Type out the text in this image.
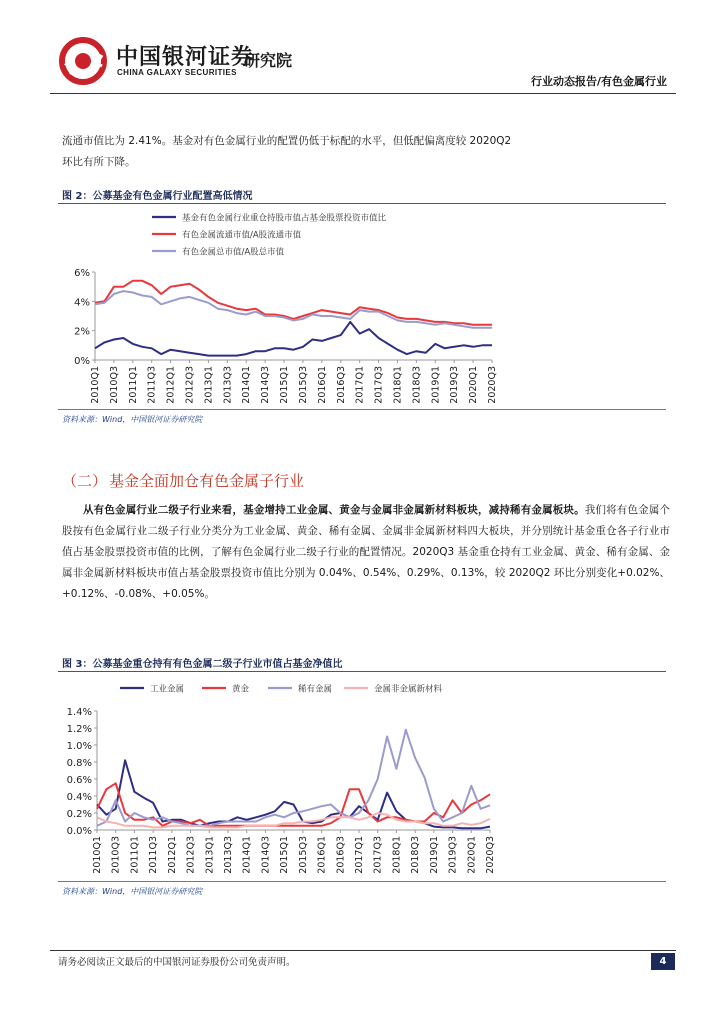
中国银河证券
研究院
CHINA GALAXY SECURITIES
行业动态报告/有色金属行业
流通市值比为 2.41%。基金对有色金属行业的配置仍低于标配的水平，但低配偏离度较 2020Q2
环比有所下降。
图 2：公募基金有色金属行业配置高低情况
基金有色金属行业重仓持股市值占基金股票投资市值比
有色金属流通市值/A股流通市值
有色金属总市值/A股总市值
0%
2%
4%
6%
2010Q1 2010Q3 2011Q1 2011Q3 2012Q1 2012Q3 2013Q1 2013Q3 2014Q1 2014Q3 2015Q1 2015Q3 2016Q1 2016Q3 2017Q1 2017Q3 2018Q1 2018Q3 2019Q1 2019Q3 2020Q1 2020Q3
资料来源：Wind，中国银河证券研究院
（二） 基金全面加仓有色金属子行业
从有色金属行业二级子行业来看，基金增持工业金属、黄金与金属非金属新材料板块，减持稀有金属板块。我们将有色金属个股按有色金属行业二级子行业分类分为工业金属、黄金、稀有金属、金属非金属新材料四大板块，并分别统计基金重仓各子行业市值占基金股票投资市值的比例，了解有色金属行业二级子行业的配置情况。2020Q3 基金重仓持有工业金属、黄金、稀有金属、金属非金属新材料板块市值占基金股票投资市值比分别为 0.04%、0.54%、0.29%、0.13%，较 2020Q2 环比分别变化+0.02%、+0.12%、-0.08%、+0.05%。
图 3：公募基金重仓持有有色金属二级子行业市值占基金净值比
工业金属	黄金	稀有金属	金属非金属新材料
0.0%
0.2%
0.4%
0.6%
0.8%
1.0%
1.2%
1.4%
2010Q1 2010Q3 2011Q1 2011Q3 2012Q1 2012Q3 2013Q1 2013Q3 2014Q1 2014Q3 2015Q1 2015Q3 2016Q1 2016Q3 2017Q1 2017Q3 2018Q1 2018Q3 2019Q1 2019Q3 2020Q1 2020Q3
资料来源：Wind，中国银河证券研究院
请务必阅读正文最后的中国银河证券股份公司免责声明。	4
